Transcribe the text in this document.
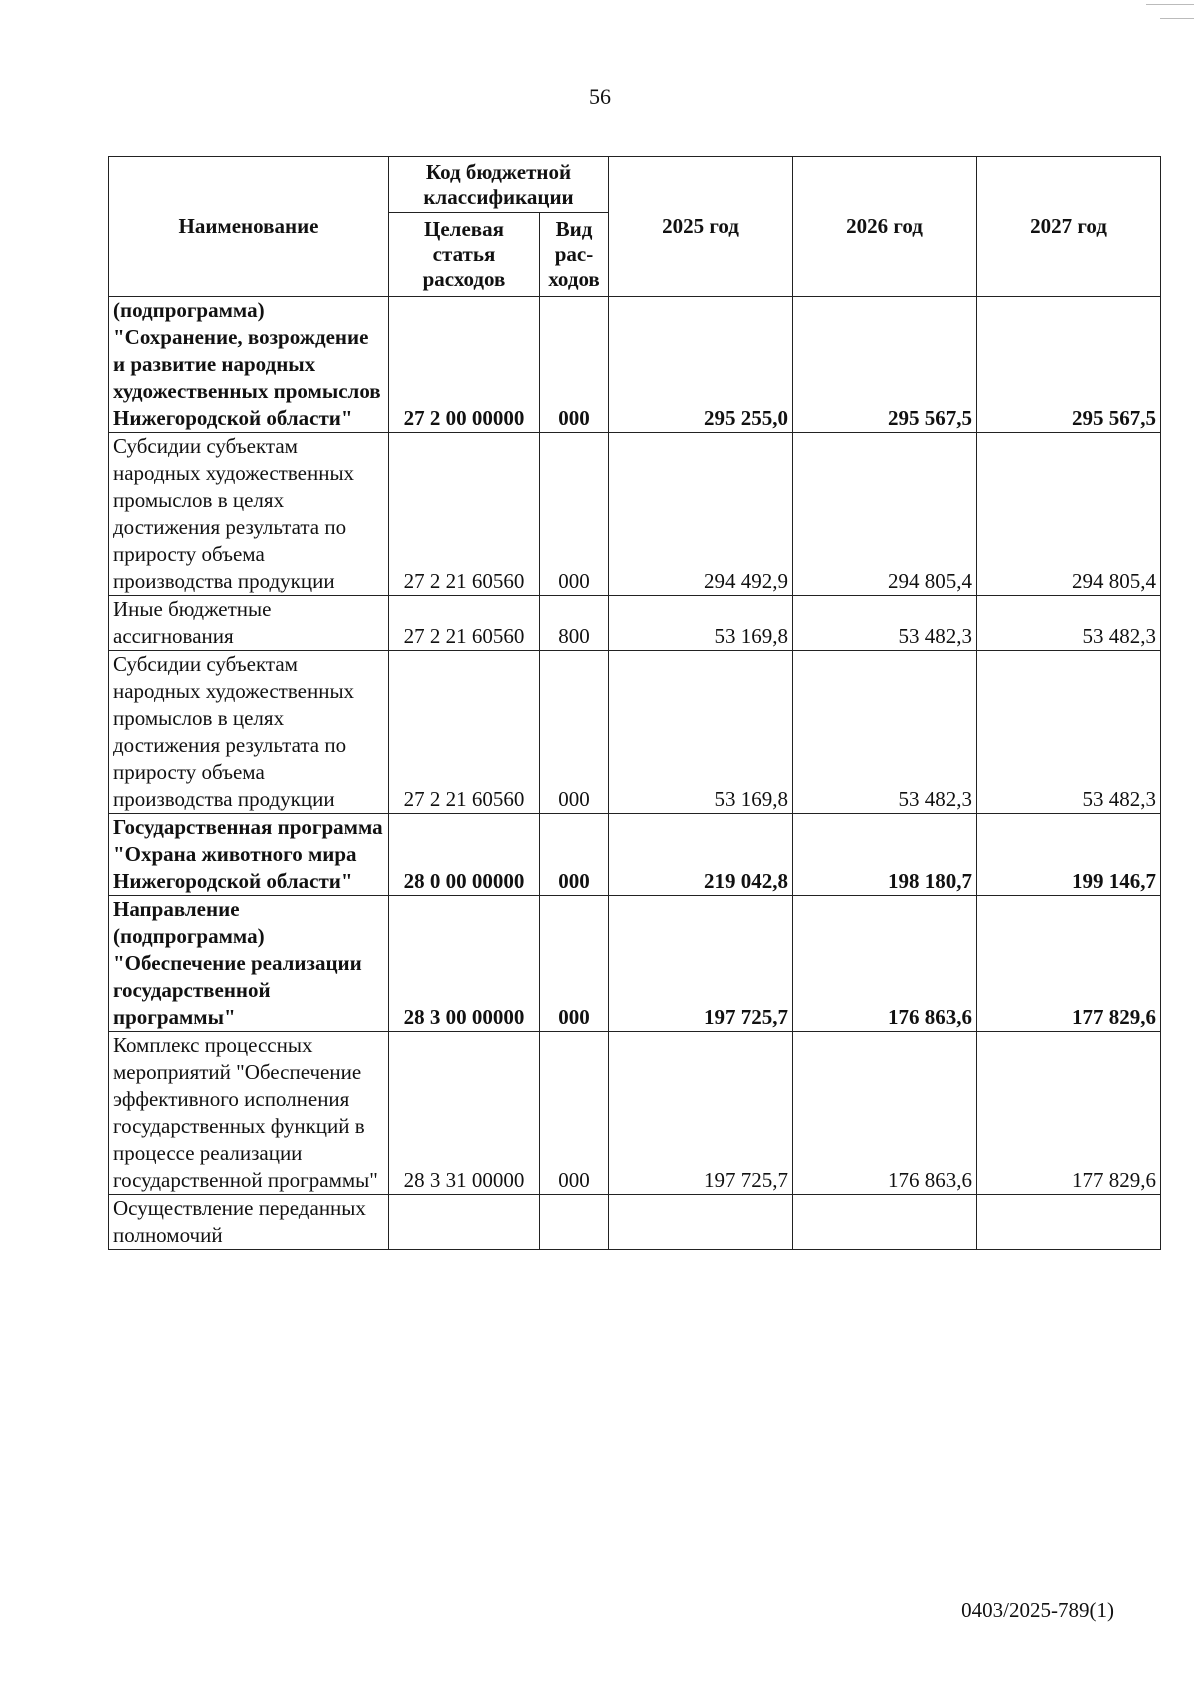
56
Наименование	Код бюджетной классификации		2025 год	2026 год	2027 год
	Целевая статья расходов	Вид рас-ходов			
(подпрограмма) "Сохранение, возрождение и развитие народных художественных промыслов Нижегородской области"	27 2 00 00000	000	295 255,0	295 567,5	295 567,5
Субсидии субъектам народных художественных промыслов в целях достижения результата по приросту объема производства продукции	27 2 21 60560	000	294 492,9	294 805,4	294 805,4
Иные бюджетные ассигнования	27 2 21 60560	800	53 169,8	53 482,3	53 482,3
Субсидии субъектам народных художественных промыслов в целях достижения результата по приросту объема производства продукции	27 2 21 60560	000	53 169,8	53 482,3	53 482,3
Государственная программа "Охрана животного мира Нижегородской области"	28 0 00 00000	000	219 042,8	198 180,7	199 146,7
Направление (подпрограмма) "Обеспечение реализации государственной программы"	28 3 00 00000	000	197 725,7	176 863,6	177 829,6
Комплекс процессных мероприятий "Обеспечение эффективного исполнения государственных функций в процессе реализации государственной программы"	28 3 31 00000	000	197 725,7	176 863,6	177 829,6
Осуществление переданных полномочий					
0403/2025-789(1)
